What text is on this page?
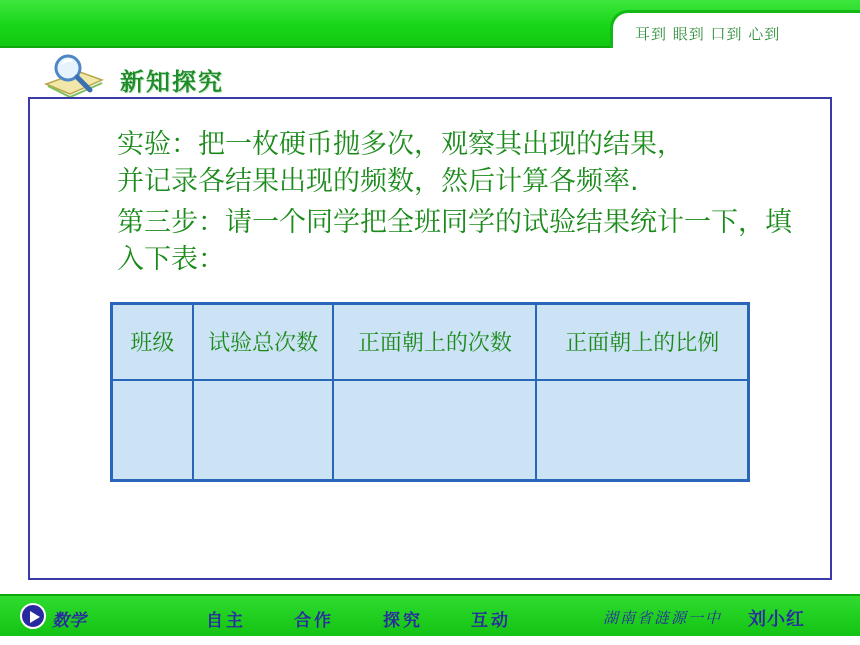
耳到 眼到 口到 心到
新知探究
实验：把一枚硬币抛多次，观察其出现的结果，
并记录各结果出现的频数，然后计算各频率.
第三步：请一个同学把全班同学的试验结果统计一下，填入下表：
班级	试验总次数	正面朝上的次数	正面朝上的比例

数学	自主	合作	探究	互动	湖南省涟源一中 刘小红
